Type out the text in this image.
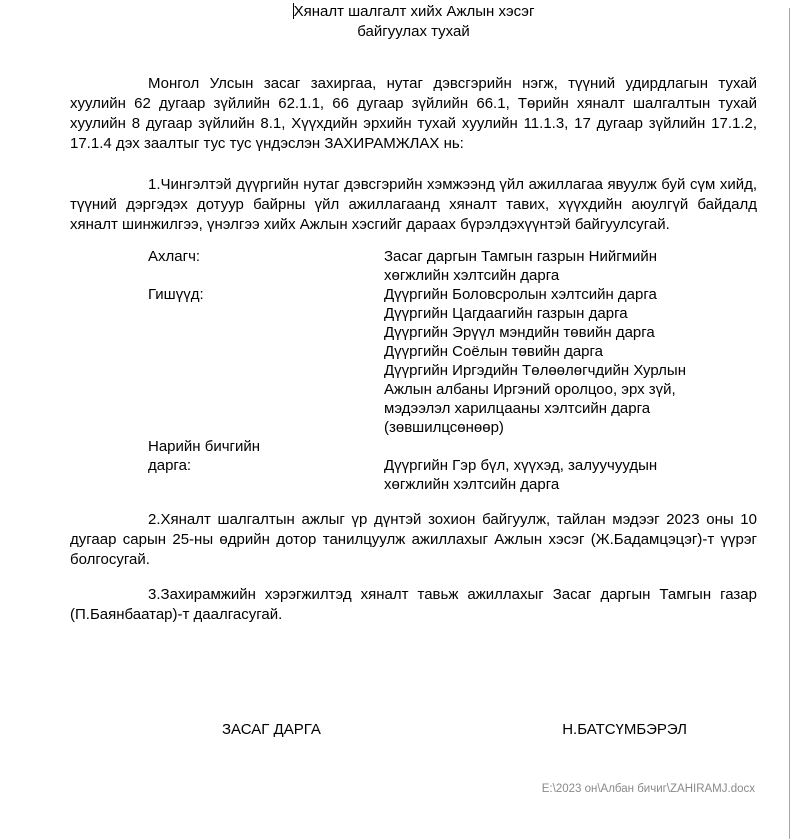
Хяналт шалгалт хийх Ажлын хэсэг
байгуулах тухай

Монгол Улсын засаг захиргаа, нутаг дэвсгэрийн нэгж, түүний удирдлагын тухай хуулийн 62 дугаар зүйлийн 62.1.1, 66 дугаар зүйлийн 66.1, Төрийн хяналт шалгалтын тухай хуулийн 8 дугаар зүйлийн 8.1, Хүүхдийн эрхийн тухай хуулийн 11.1.3, 17 дугаар зүйлийн 17.1.2, 17.1.4 дэх заалтыг тус тус үндэслэн ЗАХИРАМЖЛАХ нь:

1.Чингэлтэй дүүргийн нутаг дэвсгэрийн хэмжээнд үйл ажиллагаа явуулж буй сүм хийд, түүний дэргэдэх дотуур байрны үйл ажиллагаанд хяналт тавих, хүүхдийн аюулгүй байдалд хяналт шинжилгээ, үнэлгээ хийх Ажлын хэсгийг дараах бүрэлдэхүүнтэй байгуулсугай.

Ахлагч:	Засаг даргын Тамгын газрын Нийгмийн хөгжлийн хэлтсийн дарга
Гишүүд:	Дүүргийн Боловсролын хэлтсийн дарга
Дүүргийн Цагдаагийн газрын дарга
Дүүргийн Эрүүл мэндийн төвийн дарга
Дүүргийн Соёлын төвийн дарга
Дүүргийн Иргэдийн Төлөөлөгчдийн Хурлын Ажлын албаны Иргэний оролцоо, эрх зүй, мэдээлэл харилцааны хэлтсийн дарга (зөвшилцсөнөөр)
Нарийн бичгийн
дарга:	Дүүргийн Гэр бүл, хүүхэд, залуучуудын хөгжлийн хэлтсийн дарга

2.Хяналт шалгалтын ажлыг үр дүнтэй зохион байгуулж, тайлан мэдээг 2023 оны 10 дугаар сарын 25-ны өдрийн дотор танилцуулж ажиллахыг Ажлын хэсэг (Ж.Бадамцэцэг)-т үүрэг болгосугай.

3.Захирамжийн хэрэгжилтэд хяналт тавьж ажиллахыг Засаг даргын Тамгын газар (П.Баянбаатар)-т даалгасугай.

ЗАСАГ ДАРГА	Н.БАТСҮМБЭРЭЛ
E:\2023 он\Албан бичиг\ZAHIRAMJ.docx
